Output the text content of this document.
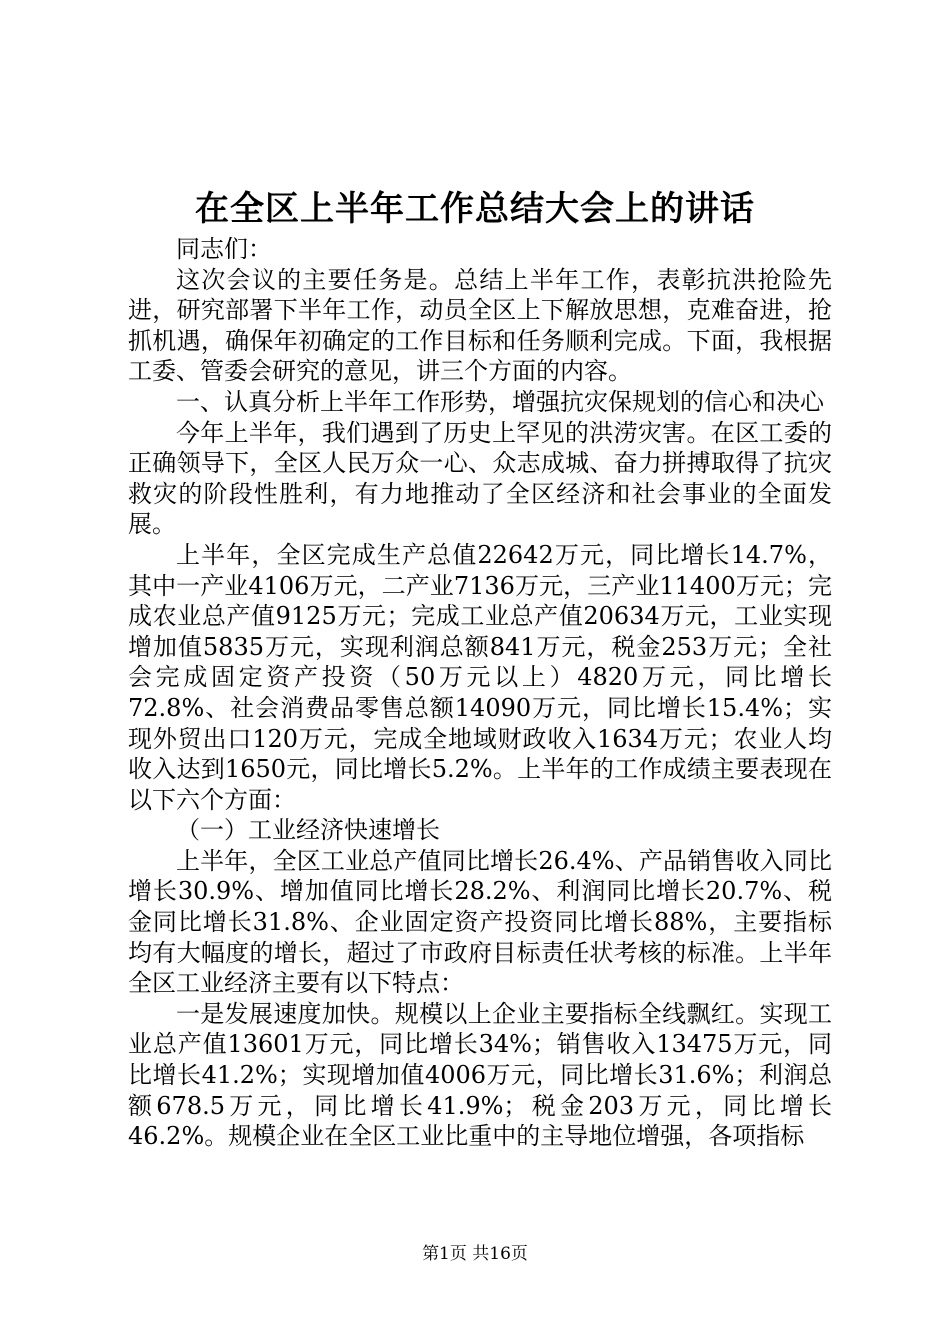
在全区上半年工作总结大会上的讲话

同志们：

这次会议的主要任务是。总结上半年工作，表彰抗洪抢险先进，研究部署下半年工作，动员全区上下解放思想，克难奋进，抢抓机遇，确保年初确定的工作目标和任务顺利完成。下面，我根据工委、管委会研究的意见，讲三个方面的内容。

一、认真分析上半年工作形势，增强抗灾保规划的信心和决心

今年上半年，我们遇到了历史上罕见的洪涝灾害。在区工委的正确领导下，全区人民万众一心、众志成城、奋力拼搏取得了抗灾救灾的阶段性胜利，有力地推动了全区经济和社会事业的全面发展。

上半年，全区完成生产总值22642万元，同比增长14.7%，其中一产业4106万元，二产业7136万元，三产业11400万元；完成农业总产值9125万元；完成工业总产值20634万元，工业实现增加值5835万元，实现利润总额841万元，税金253万元；全社会完成固定资产投资（50万元以上）4820万元，同比增长72.8%、社会消费品零售总额14090万元，同比增长15.4%；实现外贸出口120万元，完成全地域财政收入1634万元；农业人均收入达到1650元，同比增长5.2%。上半年的工作成绩主要表现在以下六个方面：

（一）工业经济快速增长

上半年，全区工业总产值同比增长26.4%、产品销售收入同比增长30.9%、增加值同比增长28.2%、利润同比增长20.7%、税金同比增长31.8%、企业固定资产投资同比增长88%，主要指标均有大幅度的增长，超过了市政府目标责任状考核的标准。上半年全区工业经济主要有以下特点：

一是发展速度加快。规模以上企业主要指标全线飘红。实现工业总产值13601万元，同比增长34%；销售收入13475万元，同比增长41.2%；实现增加值4006万元，同比增长31.6%；利润总额678.5万元，同比增长41.9%；税金203万元，同比增长46.2%。规模企业在全区工业比重中的主导地位增强，各项指标

第1页 共16页
